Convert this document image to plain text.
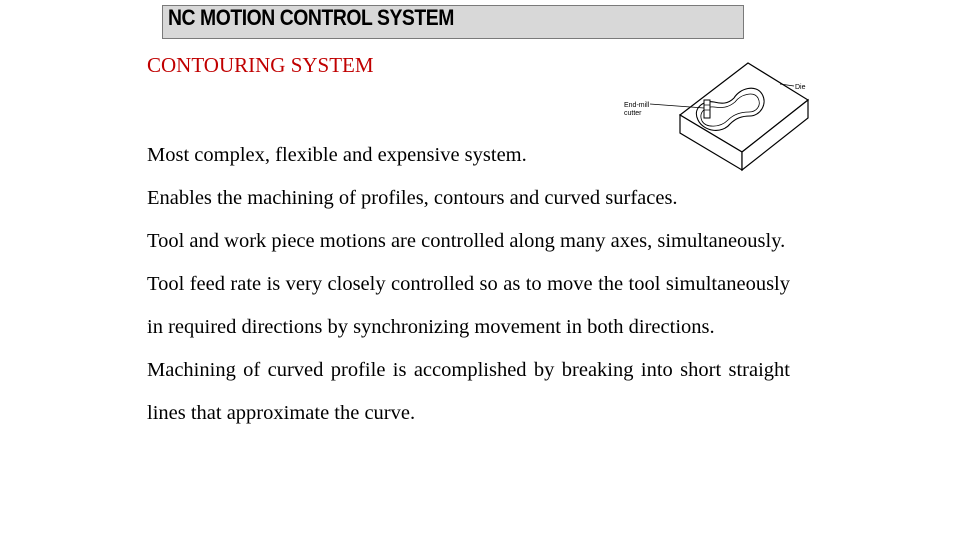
NC MOTION CONTROL SYSTEM
CONTOURING SYSTEM
Die
End-mill
cutter

Most complex, flexible and expensive system.

Enables the machining of profiles, contours and curved surfaces.

Tool and work piece motions are controlled along many axes, simultaneously.

Tool feed rate is very closely controlled so as to move the tool simultaneously in required directions by synchronizing movement in both directions.

Machining of curved profile is accomplished by breaking into short straight lines that approximate the curve.
